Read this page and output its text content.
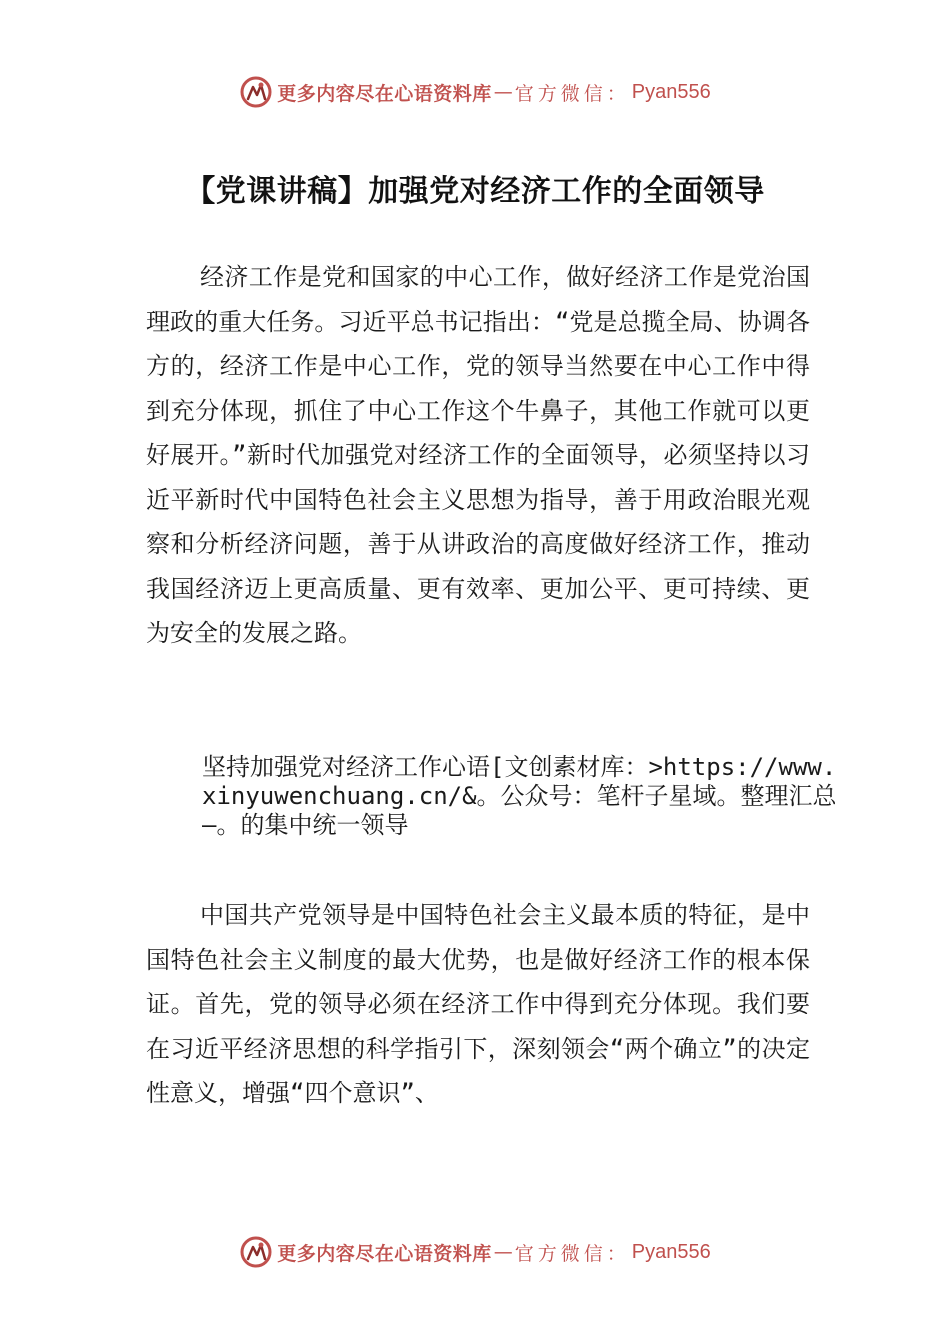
更多内容尽在心语资料库 — 官方微信： Pyan556
【党课讲稿】加强党对经济工作的全面领导

经济工作是党和国家的中心工作，做好经济工作是党治国理政的重大任务。习近平总书记指出：“党是总揽全局、协调各方的，经济工作是中心工作，党的领导当然要在中心工作中得到充分体现，抓住了中心工作这个牛鼻子，其他工作就可以更好展开。”新时代加强党对经济工作的全面领导，必须坚持以习近平新时代中国特色社会主义思想为指导，善于用政治眼光观察和分析经济问题，善于从讲政治的高度做好经济工作，推动我国经济迈上更高质量、更有效率、更加公平、更可持续、更为安全的发展之路。

坚持加强党对经济工作心语[文创素材库：>https://www.xinyuwenchuang.cn/&。公众号：笔杆子星域。整理汇总—。的集中统一领导

中国共产党领导是中国特色社会主义最本质的特征，是中国特色社会主义制度的最大优势，也是做好经济工作的根本保证。首先，党的领导必须在经济工作中得到充分体现。我们要在习近平经济思想的科学指引下，深刻领会“两个确立”的决定性意义，增强“四个意识”、

更多内容尽在心语资料库 — 官方微信： Pyan556
